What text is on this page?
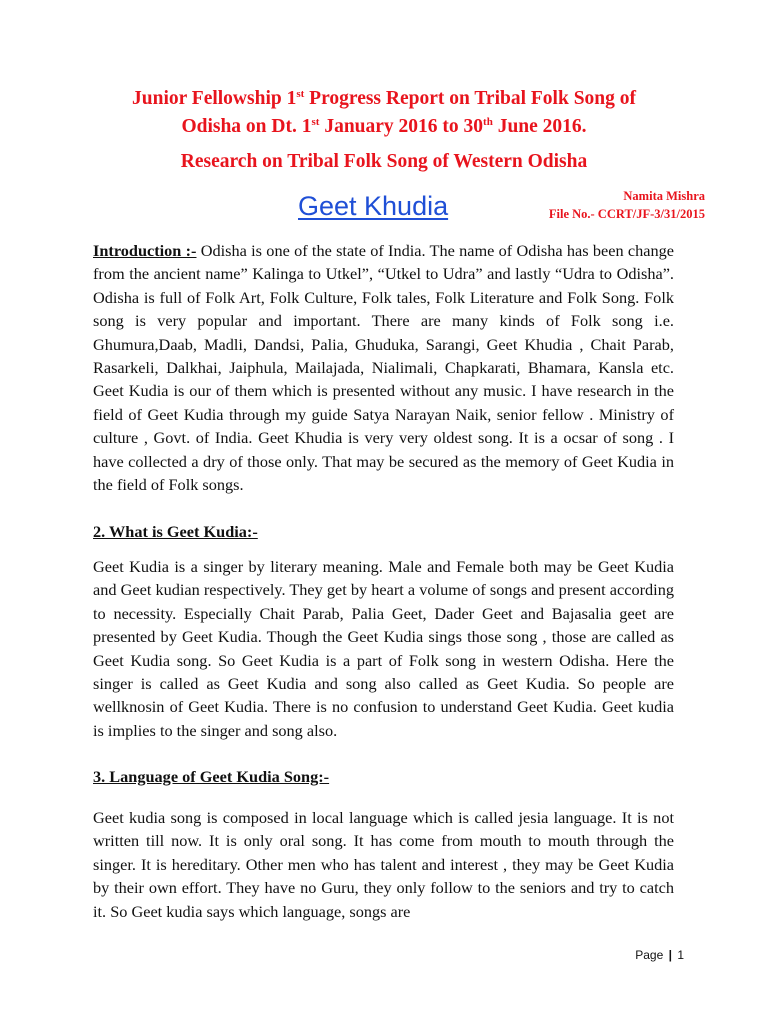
Junior Fellowship 1st Progress Report on Tribal Folk Song of
Odisha on Dt. 1st January 2016 to 30th June 2016.
Research on Tribal Folk Song of Western Odisha
Geet Khudia	Namita Mishra
File No.- CCRT/JF-3/31/2015

Introduction :- Odisha is one of the state of India. The name of Odisha has been change from the ancient name” Kalinga to Utkel”, “Utkel to Udra” and lastly “Udra to Odisha”. Odisha is full of Folk Art, Folk Culture, Folk tales, Folk Literature and Folk Song. Folk song is very popular and important. There are many kinds of Folk song i.e. Ghumura,Daab, Madli, Dandsi, Palia, Ghuduka, Sarangi, Geet Khudia , Chait Parab, Rasarkeli, Dalkhai, Jaiphula, Mailajada, Nialimali, Chapkarati, Bhamara, Kansla etc. Geet Kudia is our of them which is presented without any music. I have research in the field of Geet Kudia through my guide Satya Narayan Naik, senior fellow . Ministry of culture , Govt. of India. Geet Khudia is very very oldest song. It is a ocsar of song . I have collected a dry of those only. That may be secured as the memory of Geet Kudia in the field of Folk songs.

2. What is Geet Kudia:-

Geet Kudia is a singer by literary meaning. Male and Female both may be Geet Kudia and Geet kudian respectively. They get by heart a volume of songs and present according to necessity. Especially Chait Parab, Palia Geet, Dader Geet and Bajasalia geet are presented by Geet Kudia. Though the Geet Kudia sings those song , those are called as Geet Kudia song. So Geet Kudia is a part of Folk song in western Odisha. Here the singer is called as Geet Kudia and song also called as Geet Kudia. So people are wellknosin of Geet Kudia. There is no confusion to understand Geet Kudia. Geet kudia is implies to the singer and song also.

3. Language of Geet Kudia Song:-

Geet kudia song is composed in local language which is called jesia language. It is not written till now. It is only oral song. It has come from mouth to mouth through the singer. It is hereditary. Other men who has talent and interest , they may be Geet Kudia by their own effort. They have no Guru, they only follow to the seniors and try to catch it. So Geet kudia says which language, songs are

Page | 1
